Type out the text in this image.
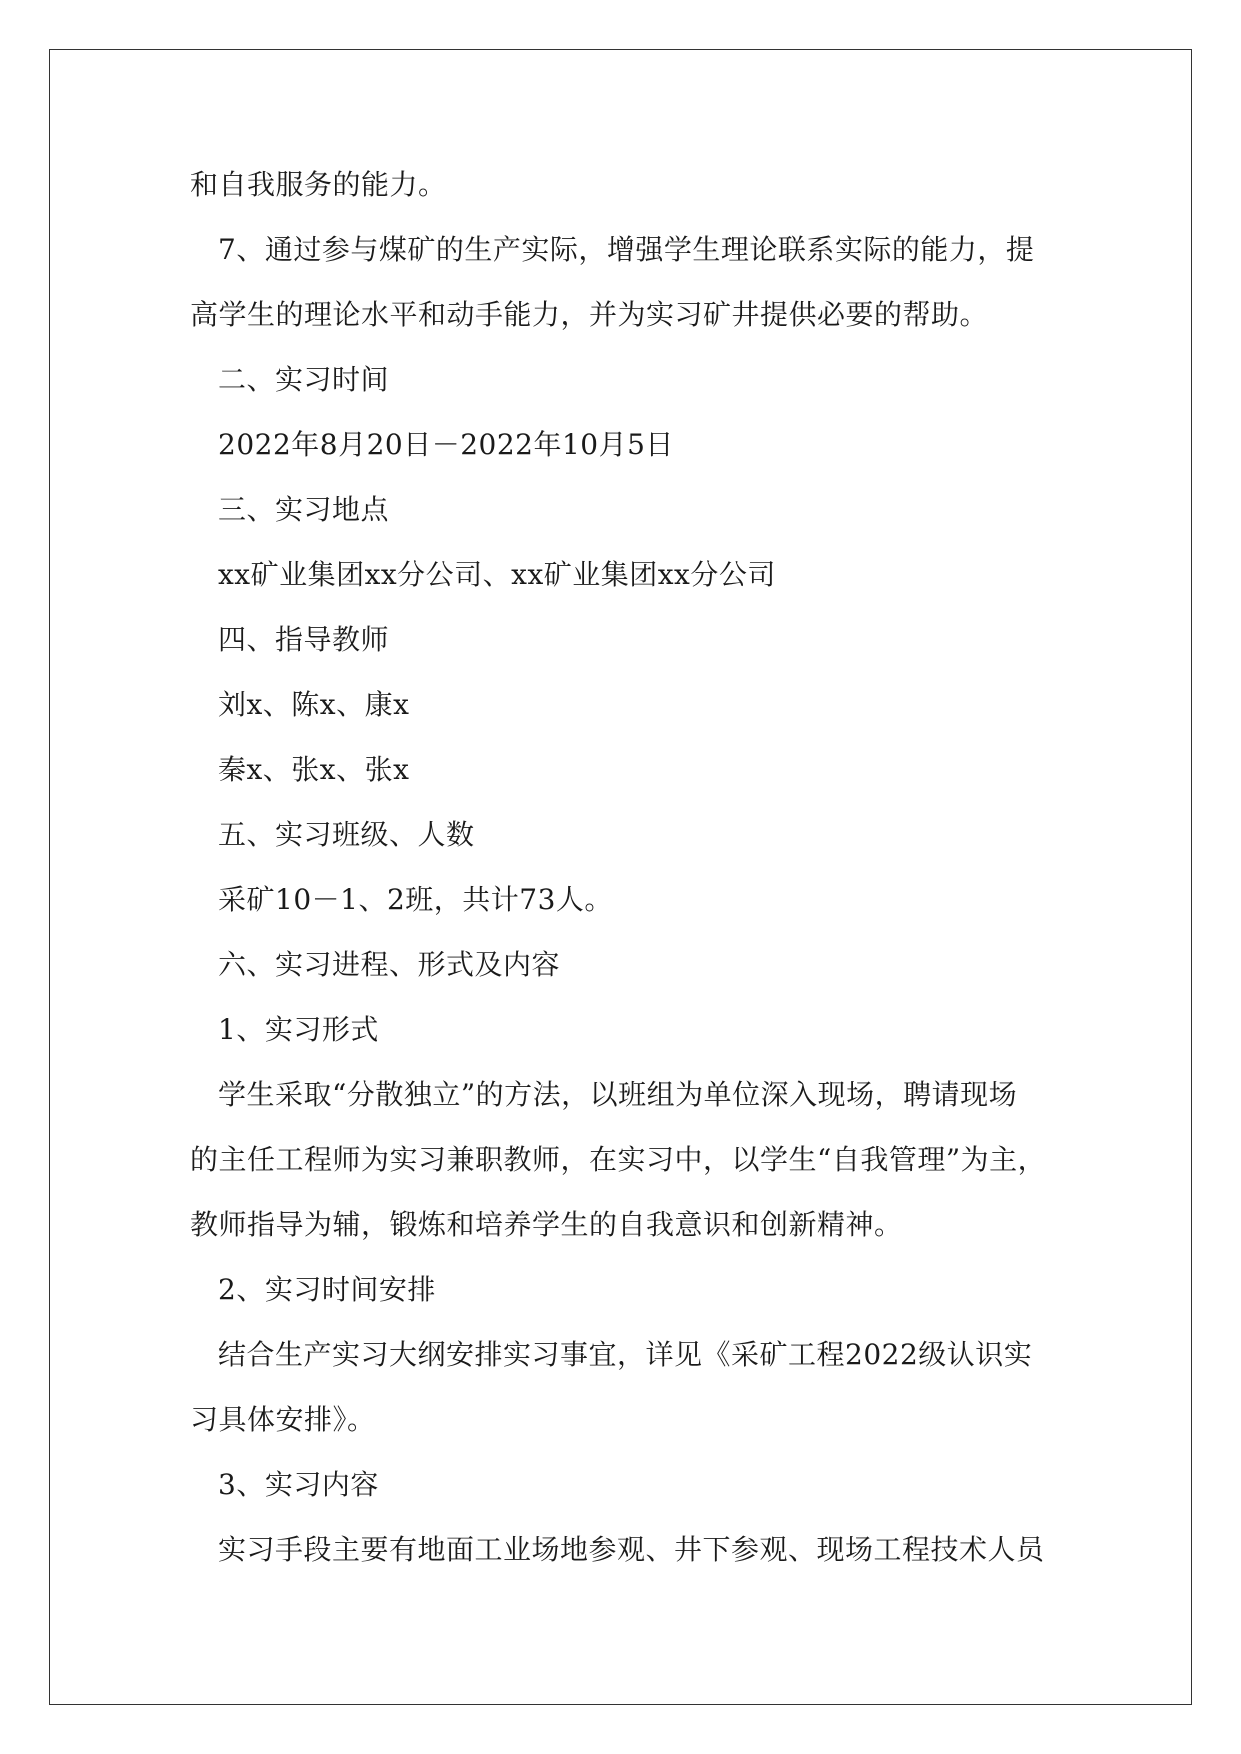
和自我服务的能力。
7、通过参与煤矿的生产实际，增强学生理论联系实际的能力，提
高学生的理论水平和动手能力，并为实习矿井提供必要的帮助。
二、实习时间
2022年8月20日－2022年10月5日
三、实习地点
xx矿业集团xx分公司、xx矿业集团xx分公司
四、指导教师
刘x、陈x、康x
秦x、张x、张x
五、实习班级、人数
采矿10－1、2班，共计73人。
六、实习进程、形式及内容
1、实习形式
学生采取“分散独立”的方法，以班组为单位深入现场，聘请现场
的主任工程师为实习兼职教师，在实习中，以学生“自我管理”为主，
教师指导为辅，锻炼和培养学生的自我意识和创新精神。
2、实习时间安排
结合生产实习大纲安排实习事宜，详见《采矿工程2022级认识实
习具体安排》。
3、实习内容
实习手段主要有地面工业场地参观、井下参观、现场工程技术人员
